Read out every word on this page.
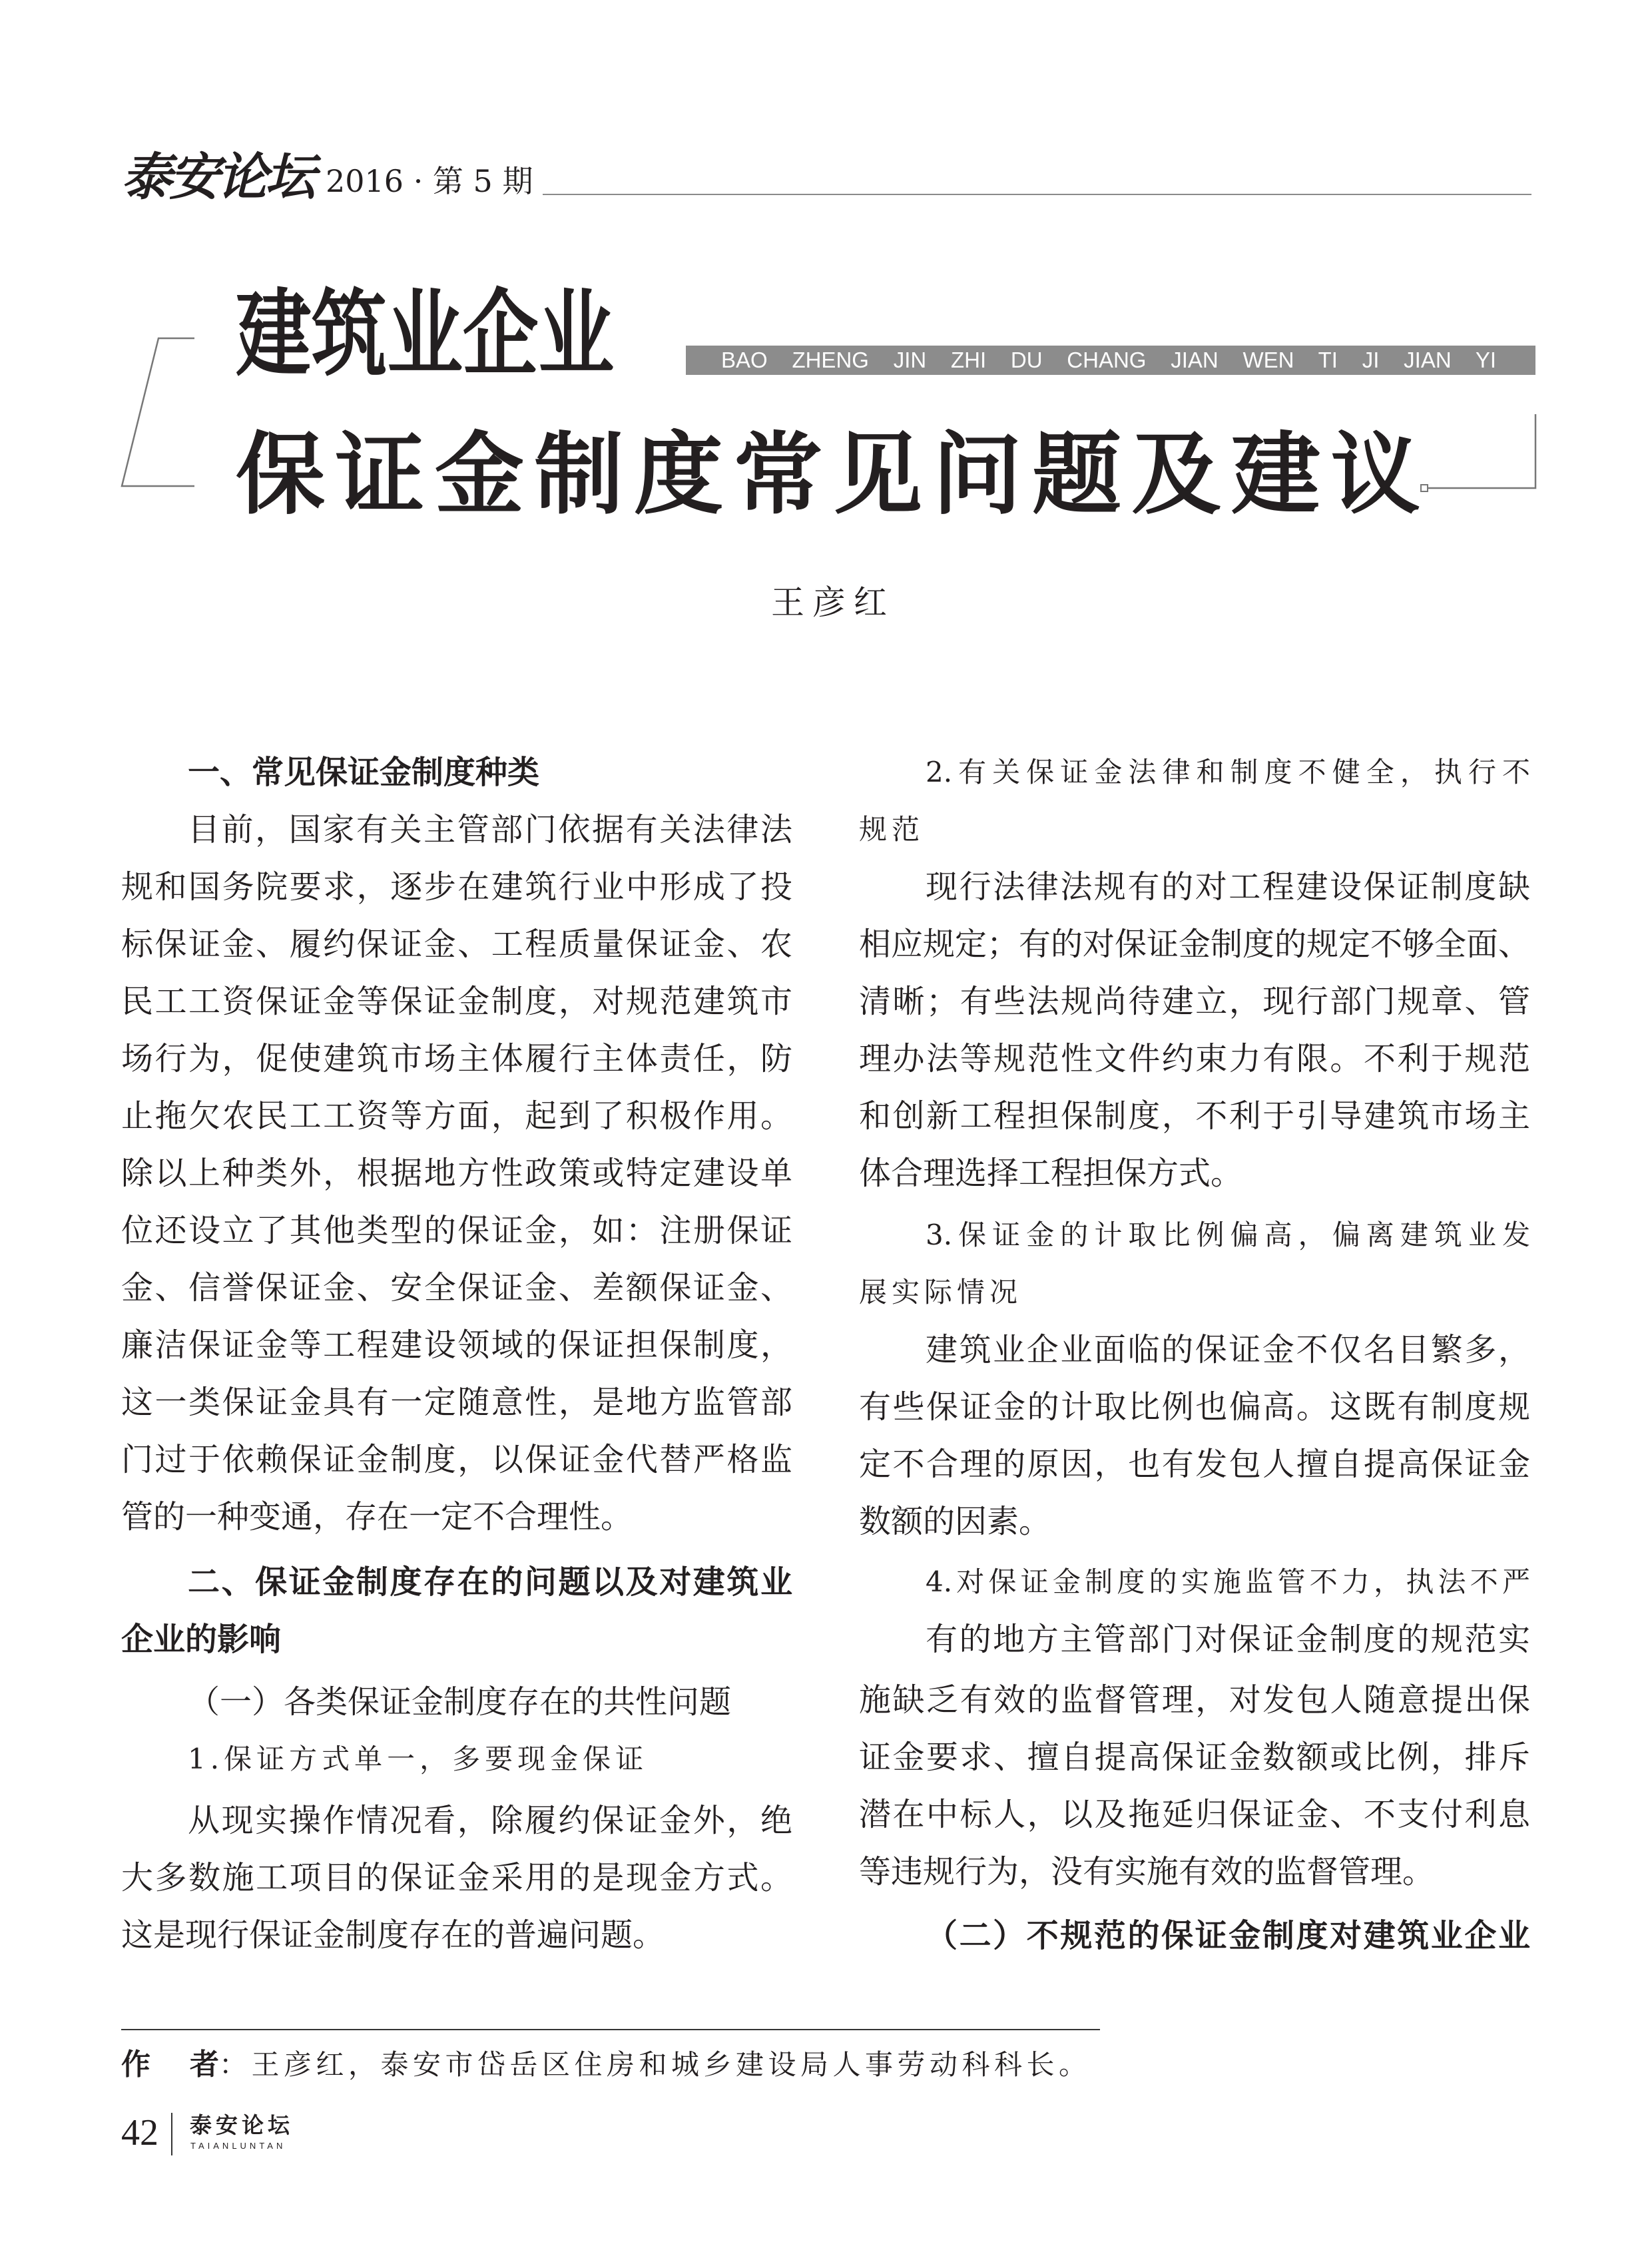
泰安论坛 2016 · 第 5 期
建筑业企业	BAO ZHENG JIN ZHI DU CHANG JIAN WEN TI JI JIAN YI
保证金制度常见问题及建议
王彦红
一、常见保证金制度种类
目前，国家有关主管部门依据有关法律法
规和国务院要求，逐步在建筑行业中形成了投
标保证金、履约保证金、工程质量保证金、农
民工工资保证金等保证金制度，对规范建筑市
场行为，促使建筑市场主体履行主体责任，防
止拖欠农民工工资等方面，起到了积极作用。
除以上种类外，根据地方性政策或特定建设单
位还设立了其他类型的保证金，如：注册保证
金、信誉保证金、安全保证金、差额保证金、
廉洁保证金等工程建设领域的保证担保制度，
这一类保证金具有一定随意性，是地方监管部
门过于依赖保证金制度，以保证金代替严格监
管的一种变通，存在一定不合理性。
二、保证金制度存在的问题以及对建筑业
企业的影响
（一）各类保证金制度存在的共性问题
1.保证方式单一，多要现金保证
从现实操作情况看，除履约保证金外，绝
大多数施工项目的保证金采用的是现金方式。
这是现行保证金制度存在的普遍问题。
2.有关保证金法律和制度不健全，执行不
规范
现行法律法规有的对工程建设保证制度缺
相应规定；有的对保证金制度的规定不够全面、
清晰；有些法规尚待建立，现行部门规章、管
理办法等规范性文件约束力有限。不利于规范
和创新工程担保制度，不利于引导建筑市场主
体合理选择工程担保方式。
3.保证金的计取比例偏高，偏离建筑业发
展实际情况
建筑业企业面临的保证金不仅名目繁多，
有些保证金的计取比例也偏高。这既有制度规
定不合理的原因，也有发包人擅自提高保证金
数额的因素。
4.对保证金制度的实施监管不力，执法不严
有的地方主管部门对保证金制度的规范实
施缺乏有效的监督管理，对发包人随意提出保
证金要求、擅自提高保证金数额或比例，排斥
潜在中标人，以及拖延归保证金、不支付利息
等违规行为，没有实施有效的监督管理。
（二）不规范的保证金制度对建筑业企业
作 者：王彦红，泰安市岱岳区住房和城乡建设局人事劳动科科长。
42 泰安论坛
TAIANLUNTAN
